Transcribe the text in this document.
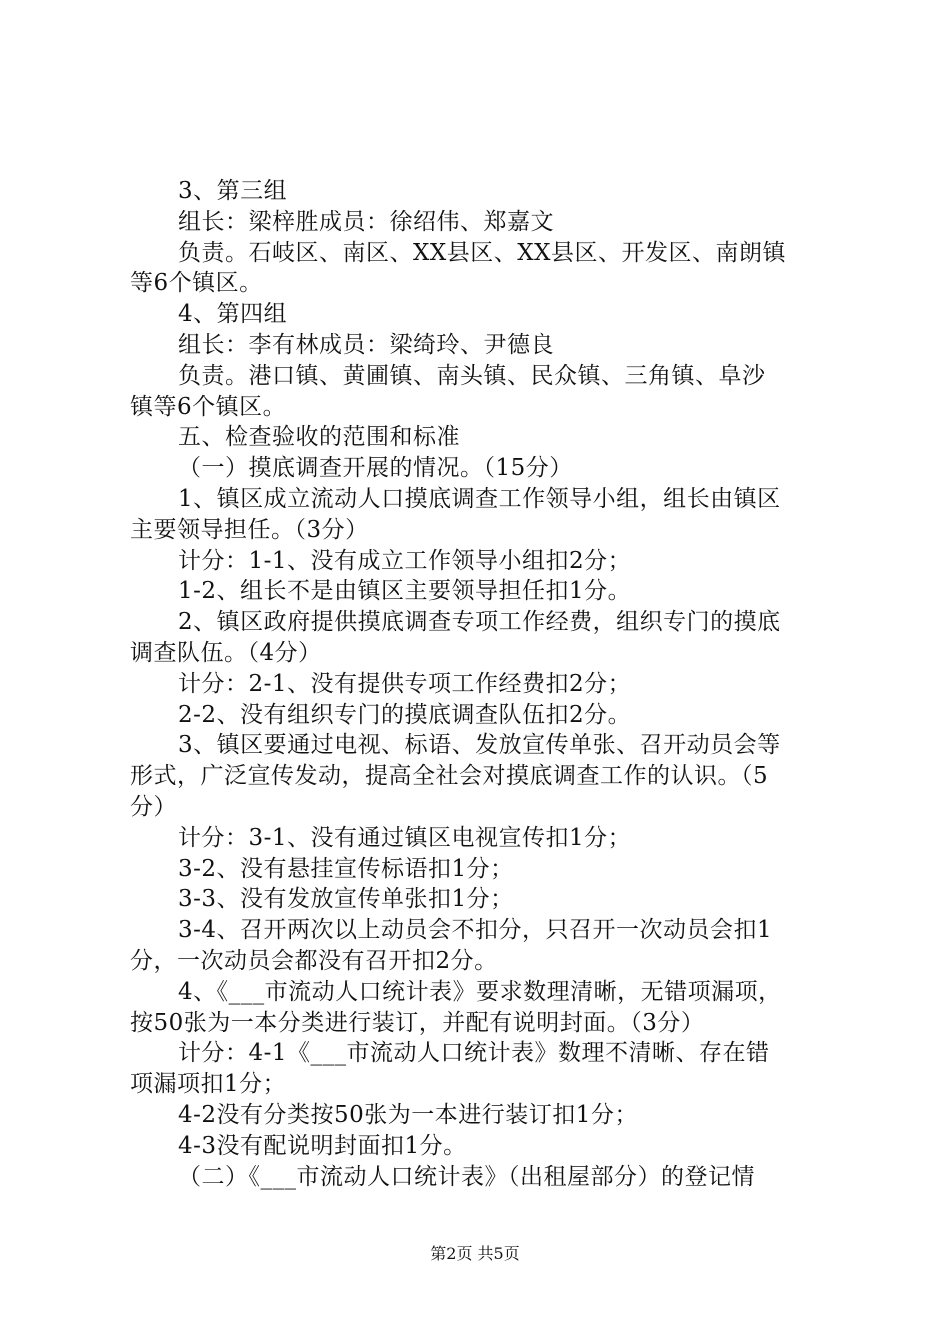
3、第三组
组长：梁梓胜成员：徐绍伟、郑嘉文
负责。石岐区、南区、XX县区、XX县区、开发区、南朗镇
等6个镇区。
4、第四组
组长：李有林成员：梁绮玲、尹德良
负责。港口镇、黄圃镇、南头镇、民众镇、三角镇、阜沙
镇等6个镇区。
五、检查验收的范围和标准
（一）摸底调查开展的情况。（15分）
1、镇区成立流动人口摸底调查工作领导小组，组长由镇区
主要领导担任。（3分）
计分：1-1、没有成立工作领导小组扣2分；
1-2、组长不是由镇区主要领导担任扣1分。
2、镇区政府提供摸底调查专项工作经费，组织专门的摸底
调查队伍。（4分）
计分：2-1、没有提供专项工作经费扣2分；
2-2、没有组织专门的摸底调查队伍扣2分。
3、镇区要通过电视、标语、发放宣传单张、召开动员会等
形式，广泛宣传发动，提高全社会对摸底调查工作的认识。（5
分）
计分：3-1、没有通过镇区电视宣传扣1分；
3-2、没有悬挂宣传标语扣1分；
3-3、没有发放宣传单张扣1分；
3-4、召开两次以上动员会不扣分，只召开一次动员会扣1
分，一次动员会都没有召开扣2分。
4、《___市流动人口统计表》要求数理清晰，无错项漏项，
按50张为一本分类进行装订，并配有说明封面。（3分）
计分：4-1《___市流动人口统计表》数理不清晰、存在错
项漏项扣1分；
4-2没有分类按50张为一本进行装订扣1分；
4-3没有配说明封面扣1分。
（二）《___市流动人口统计表》（出租屋部分）的登记情
第2页 共5页
